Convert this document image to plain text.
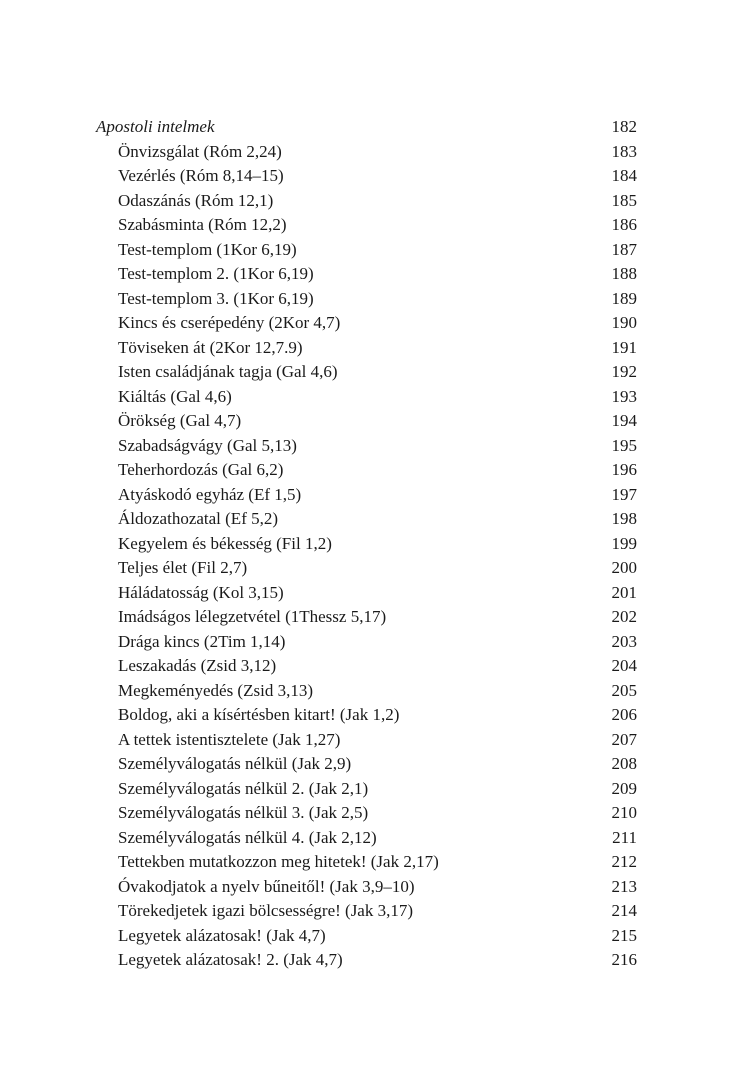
Apostoli intelmek	182
Önvizsgálat (Róm 2,24)	183
Vezérlés (Róm 8,14–15)	184
Odaszánás (Róm 12,1)	185
Szabásminta (Róm 12,2)	186
Test-templom (1Kor 6,19)	187
Test-templom 2. (1Kor 6,19)	188
Test-templom 3. (1Kor 6,19)	189
Kincs és cserépedény (2Kor 4,7)	190
Töviseken át (2Kor 12,7.9)	191
Isten családjának tagja (Gal 4,6)	192
Kiáltás (Gal 4,6)	193
Örökség (Gal 4,7)	194
Szabadságvágy (Gal 5,13)	195
Teherhordozás (Gal 6,2)	196
Atyáskodó egyház (Ef 1,5)	197
Áldozathozatal (Ef 5,2)	198
Kegyelem és békesség (Fil 1,2)	199
Teljes élet (Fil 2,7)	200
Háládatosság (Kol 3,15)	201
Imádságos lélegzetvétel (1Thessz 5,17)	202
Drága kincs (2Tim 1,14)	203
Leszakadás (Zsid 3,12)	204
Megkeményedés (Zsid 3,13)	205
Boldog, aki a kísértésben kitart! (Jak 1,2)	206
A tettek istentisztelete (Jak 1,27)	207
Személyválogatás nélkül (Jak 2,9)	208
Személyválogatás nélkül 2. (Jak 2,1)	209
Személyválogatás nélkül 3. (Jak 2,5)	210
Személyválogatás nélkül 4. (Jak 2,12)	211
Tettekben mutatkozzon meg hitetek! (Jak 2,17)	212
Óvakodjatok a nyelv bűneitől! (Jak 3,9–10)	213
Törekedjetek igazi bölcsességre! (Jak 3,17)	214
Legyetek alázatosak! (Jak 4,7)	215
Legyetek alázatosak! 2. (Jak 4,7)	216
